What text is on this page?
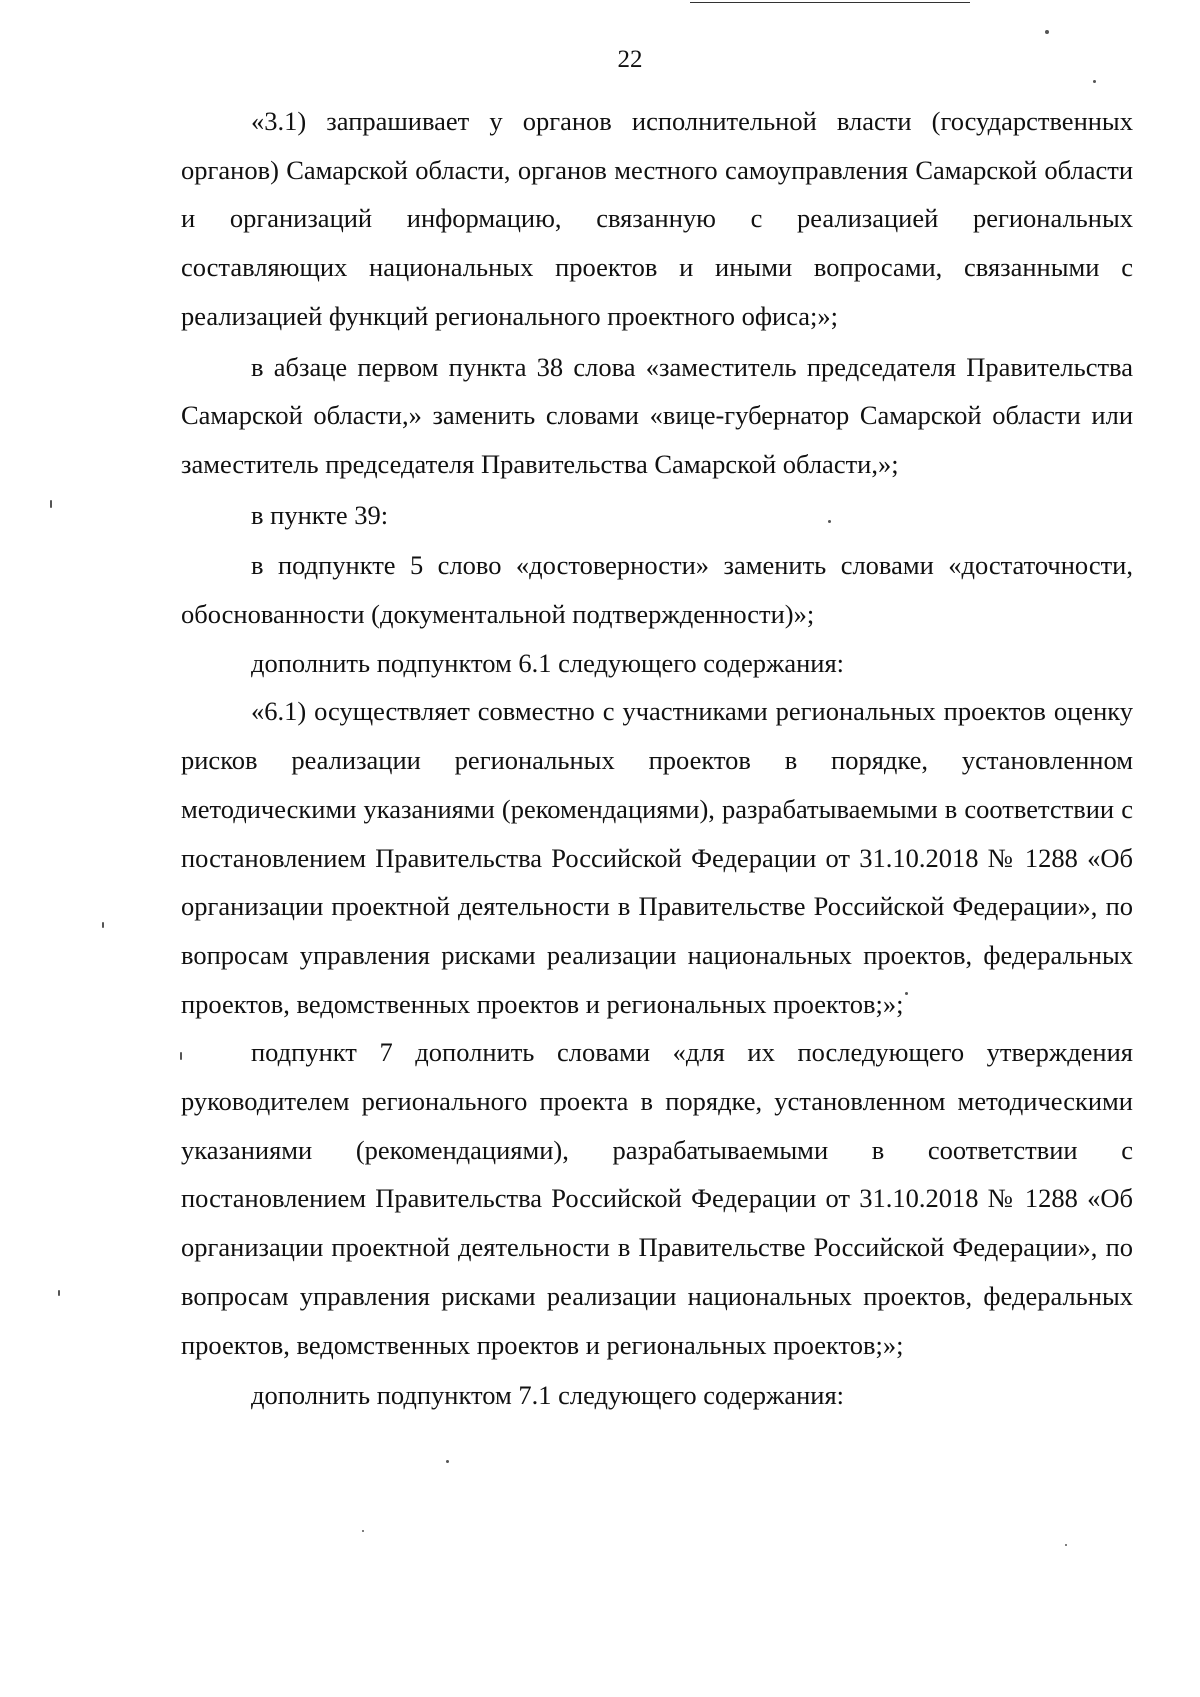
22

«3.1) запрашивает у органов исполнительной власти (государственных органов) Самарской области, органов местного самоуправления Самарской области и организаций информацию, связанную с реализацией региональных составляющих национальных проектов и иными вопросами, связанными с реализацией функций регионального проектного офиса;»;

в абзаце первом пункта 38 слова «заместитель председателя Правительства Самарской области,» заменить словами «вице-губернатор Самарской области или заместитель председателя Правительства Самарской области,»;

в пункте 39:

в подпункте 5 слово «достоверности» заменить словами «достаточности, обоснованности (документальной подтвержденности)»;

дополнить подпунктом 6.1 следующего содержания:

«6.1) осуществляет совместно с участниками региональных проектов оценку рисков реализации региональных проектов в порядке, установленном методическими указаниями (рекомендациями), разрабатываемыми в соответствии с постановлением Правительства Российской Федерации от 31.10.2018 № 1288 «Об организации проектной деятельности в Правительстве Российской Федерации», по вопросам управления рисками реализации национальных проектов, федеральных проектов, ведомственных проектов и региональных проектов;»;

подпункт 7 дополнить словами «для их последующего утверждения руководителем регионального проекта в порядке, установленном методическими указаниями (рекомендациями), разрабатываемыми в соответствии с постановлением Правительства Российской Федерации от 31.10.2018 № 1288 «Об организации проектной деятельности в Правительстве Российской Федерации», по вопросам управления рисками реализации национальных проектов, федеральных проектов, ведомственных проектов и региональных проектов;»;

дополнить подпунктом 7.1 следующего содержания:
